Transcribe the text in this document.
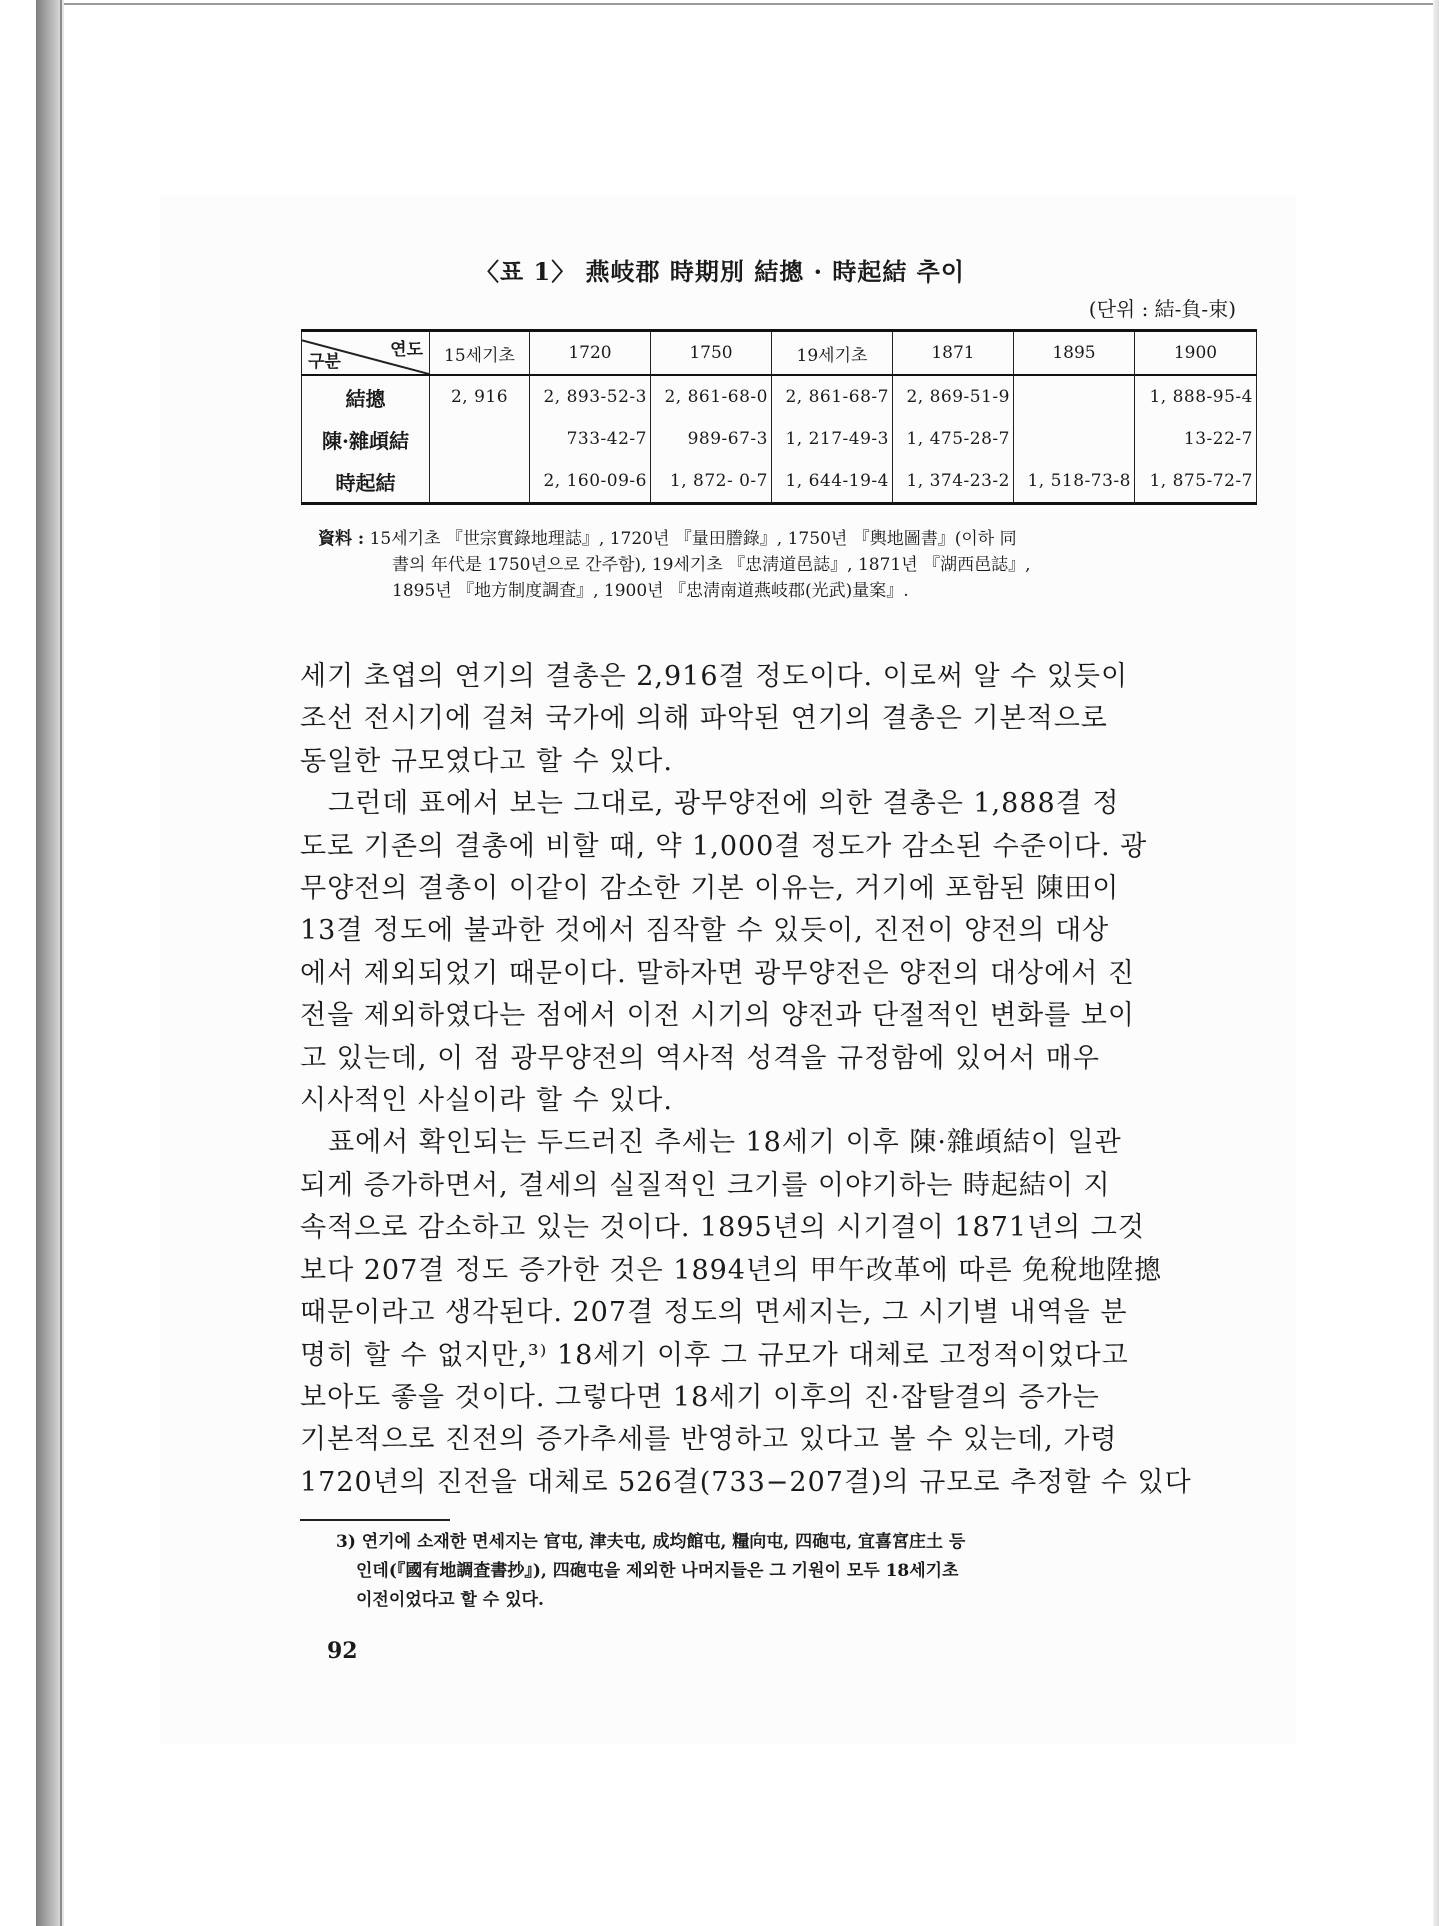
〈표 1〉 燕岐郡 時期別 結摠 · 時起結 추이
(단위 : 結-負-束)
연도
구분	15세기초	1720	1750	19세기초	1871	1895	1900
結摠	2, 916	2, 893-52-3	2, 861-68-0	2, 861-68-7	2, 869-51-9		1, 888-95-4
陳·雜頉結		733-42-7	989-67-3	1, 217-49-3	1, 475-28-7		13-22-7
時起結		2, 160-09-6	1, 872- 0-7	1, 644-19-4	1, 374-23-2	1, 518-73-8	1, 875-72-7
資料 : 15세기초 『世宗實錄地理誌』, 1720년 『量田謄錄』, 1750년 『輿地圖書』(이하 同
書의 年代是 1750년으로 간주함), 19세기초 『忠淸道邑誌』, 1871년 『湖西邑誌』,
1895년 『地方制度調査』, 1900년 『忠淸南道燕岐郡(光武)量案』.

세기 초엽의 연기의 결총은 2,916결 정도이다. 이로써 알 수 있듯이
조선 전시기에 걸쳐 국가에 의해 파악된 연기의 결총은 기본적으로
동일한 규모였다고 할 수 있다.

그런데 표에서 보는 그대로, 광무양전에 의한 결총은 1,888결 정
도로 기존의 결총에 비할 때, 약 1,000결 정도가 감소된 수준이다. 광
무양전의 결총이 이같이 감소한 기본 이유는, 거기에 포함된 陳田이
13결 정도에 불과한 것에서 짐작할 수 있듯이, 진전이 양전의 대상
에서 제외되었기 때문이다. 말하자면 광무양전은 양전의 대상에서 진
전을 제외하였다는 점에서 이전 시기의 양전과 단절적인 변화를 보이
고 있는데, 이 점 광무양전의 역사적 성격을 규정함에 있어서 매우
시사적인 사실이라 할 수 있다.

표에서 확인되는 두드러진 추세는 18세기 이후 陳·雜頉結이 일관
되게 증가하면서, 결세의 실질적인 크기를 이야기하는 時起結이 지
속적으로 감소하고 있는 것이다. 1895년의 시기결이 1871년의 그것
보다 207결 정도 증가한 것은 1894년의 甲午改革에 따른 免稅地陞摠
때문이라고 생각된다. 207결 정도의 면세지는, 그 시기별 내역을 분
명히 할 수 없지만,³⁾ 18세기 이후 그 규모가 대체로 고정적이었다고
보아도 좋을 것이다. 그렇다면 18세기 이후의 진·잡탈결의 증가는
기본적으로 진전의 증가추세를 반영하고 있다고 볼 수 있는데, 가령
1720년의 진전을 대체로 526결(733−207결)의 규모로 추정할 수 있다

3) 연기에 소재한 면세지는 官屯, 津夫屯, 成均館屯, 糧向屯, 四砲屯, 宜喜宮庄土 등
인데(『國有地調査書抄』), 四砲屯을 제외한 나머지들은 그 기원이 모두 18세기초
이전이었다고 할 수 있다.
92
